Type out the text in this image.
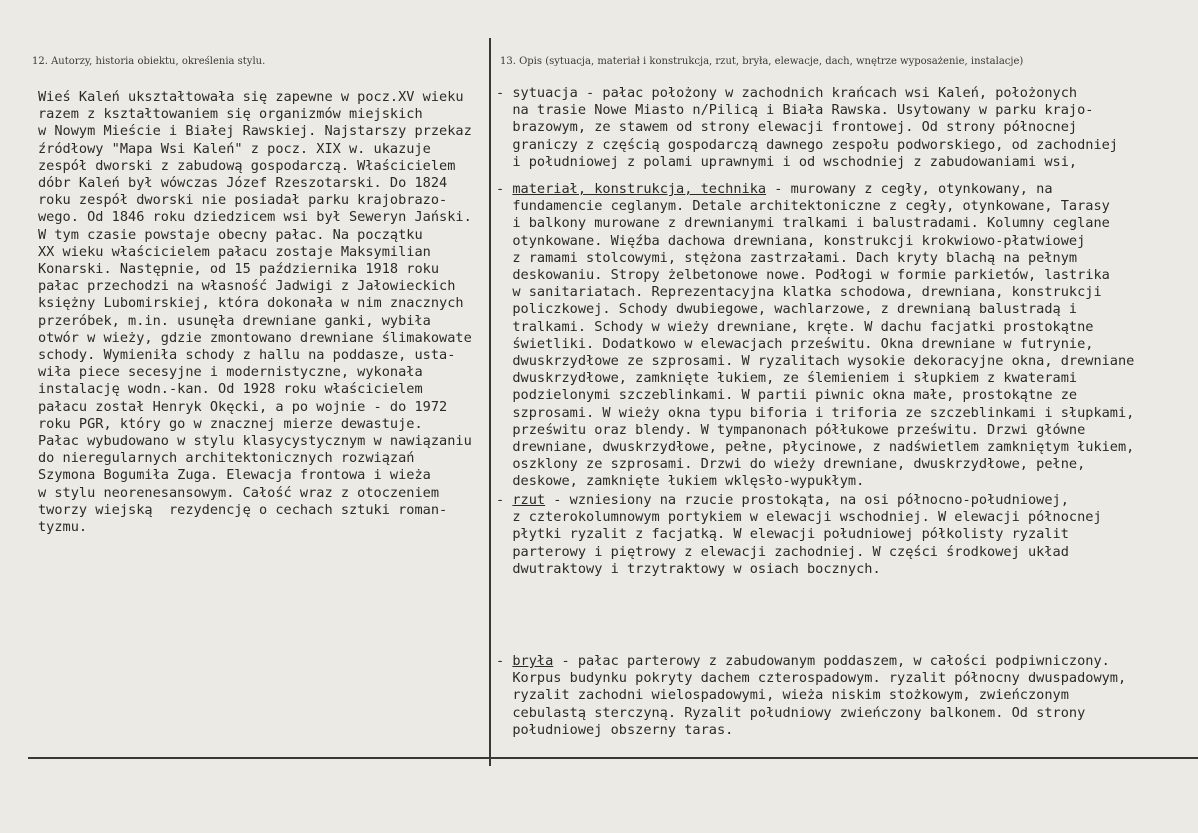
12. Autorzy, historia obiektu, określenia stylu.	13. Opis (sytuacja, materiał i konstrukcja, rzut, bryła, elewacje, dach, wnętrze wyposażenie, instalacje)
Wieś Kaleń ukształtowała się zapewne w pocz.XV wieku
razem z kształtowaniem się organizmów miejskich
w Nowym Mieście i Białej Rawskiej. Najstarszy przekaz
źródłowy "Mapa Wsi Kaleń" z pocz. XIX w. ukazuje
zespół dworski z zabudową gospodarczą. Właścicielem
dóbr Kaleń był wówczas Józef Rzeszotarski. Do 1824
roku zespół dworski nie posiadał parku krajobrazo-
wego. Od 1846 roku dziedzicem wsi był Seweryn Jański.
W tym czasie powstaje obecny pałac. Na początku
XX wieku właścicielem pałacu zostaje Maksymilian
Konarski. Następnie, od 15 października 1918 roku
pałac przechodzi na własność Jadwigi z Jałowieckich
księżny Lubomirskiej, która dokonała w nim znacznych
przeróbek, m.in. usunęła drewniane ganki, wybiła
otwór w wieży, gdzie zmontowano drewniane ślimakowate
schody. Wymieniła schody z hallu na poddasze, usta-
wiła piece secesyjne i modernistyczne, wykonała
instalację wodn.-kan. Od 1928 roku właścicielem
pałacu został Henryk Okęcki, a po wojnie - do 1972
roku PGR, który go w znacznej mierze dewastuje.
Pałac wybudowano w stylu klasycystycznym w nawiązaniu
do nieregularnych architektonicznych rozwiązań
Szymona Bogumiła Zuga. Elewacja frontowa i wieża
w stylu neorenesansowym. Całość wraz z otoczeniem
tworzy wiejską  rezydencję o cechach sztuki roman-
tyzmu.
- sytuacja - pałac położony w zachodnich krańcach wsi Kaleń, położonych
na trasie Nowe Miasto n/Pilicą i Biała Rawska. Usytowany w parku krajo-
brazowym, ze stawem od strony elewacji frontowej. Od strony północnej
graniczy z częścią gospodarczą dawnego zespołu podworskiego, od zachodniej
i południowej z polami uprawnymi i od wschodniej z zabudowaniami wsi,
- materiał, konstrukcja, technika - murowany z cegły, otynkowany, na
fundamencie ceglanym. Detale architektoniczne z cegły, otynkowane, Tarasy
i balkony murowane z drewnianymi tralkami i balustradami. Kolumny ceglane
otynkowane. Więźba dachowa drewniana, konstrukcji krokwiowo-płatwiowej
z ramami stolcowymi, stężona zastrzałami. Dach kryty blachą na pełnym
deskowaniu. Stropy żelbetonowe nowe. Podłogi w formie parkietów, lastrika
w sanitariatach. Reprezentacyjna klatka schodowa, drewniana, konstrukcji
policzkowej. Schody dwubiegowe, wachlarzowe, z drewnianą balustradą i
tralkami. Schody w wieży drewniane, kręte. W dachu facjatki prostokątne
świetliki. Dodatkowo w elewacjach prześwitu. Okna drewniane w futrynie,
dwuskrzydłowe ze szprosami. W ryzalitach wysokie dekoracyjne okna, drewniane
dwuskrzydłowe, zamknięte łukiem, ze ślemieniem i słupkiem z kwaterami
podzielonymi szczeblinkami. W partii piwnic okna małe, prostokątne ze
szprosami. W wieży okna typu biforia i triforia ze szczeblinkami i słupkami,
prześwitu oraz blendy. W tympanonach półłukowe prześwitu. Drzwi główne
drewniane, dwuskrzydłowe, pełne, płycinowe, z nadświetlem zamkniętym łukiem,
oszklony ze szprosami. Drzwi do wieży drewniane, dwuskrzydłowe, pełne,
deskowe, zamknięte łukiem wklęsło-wypukłym.
- rzut - wzniesiony na rzucie prostokąta, na osi północno-południowej,
z czterokolumnowym portykiem w elewacji wschodniej. W elewacji północnej
płytki ryzalit z facjatką. W elewacji południowej półkolisty ryzalit
parterowy i piętrowy z elewacji zachodniej. W części środkowej układ
dwutraktowy i trzytraktowy w osiach bocznych.
- bryła - pałac parterowy z zabudowanym poddaszem, w całości podpiwniczony.
Korpus budynku pokryty dachem czterospadowym. ryzalit północny dwuspadowym,
ryzalit zachodni wielospadowymi, wieża niskim stożkowym, zwieńczonym
cebulastą sterczyną. Ryzalit południowy zwieńczony balkonem. Od strony
południowej obszerny taras.
